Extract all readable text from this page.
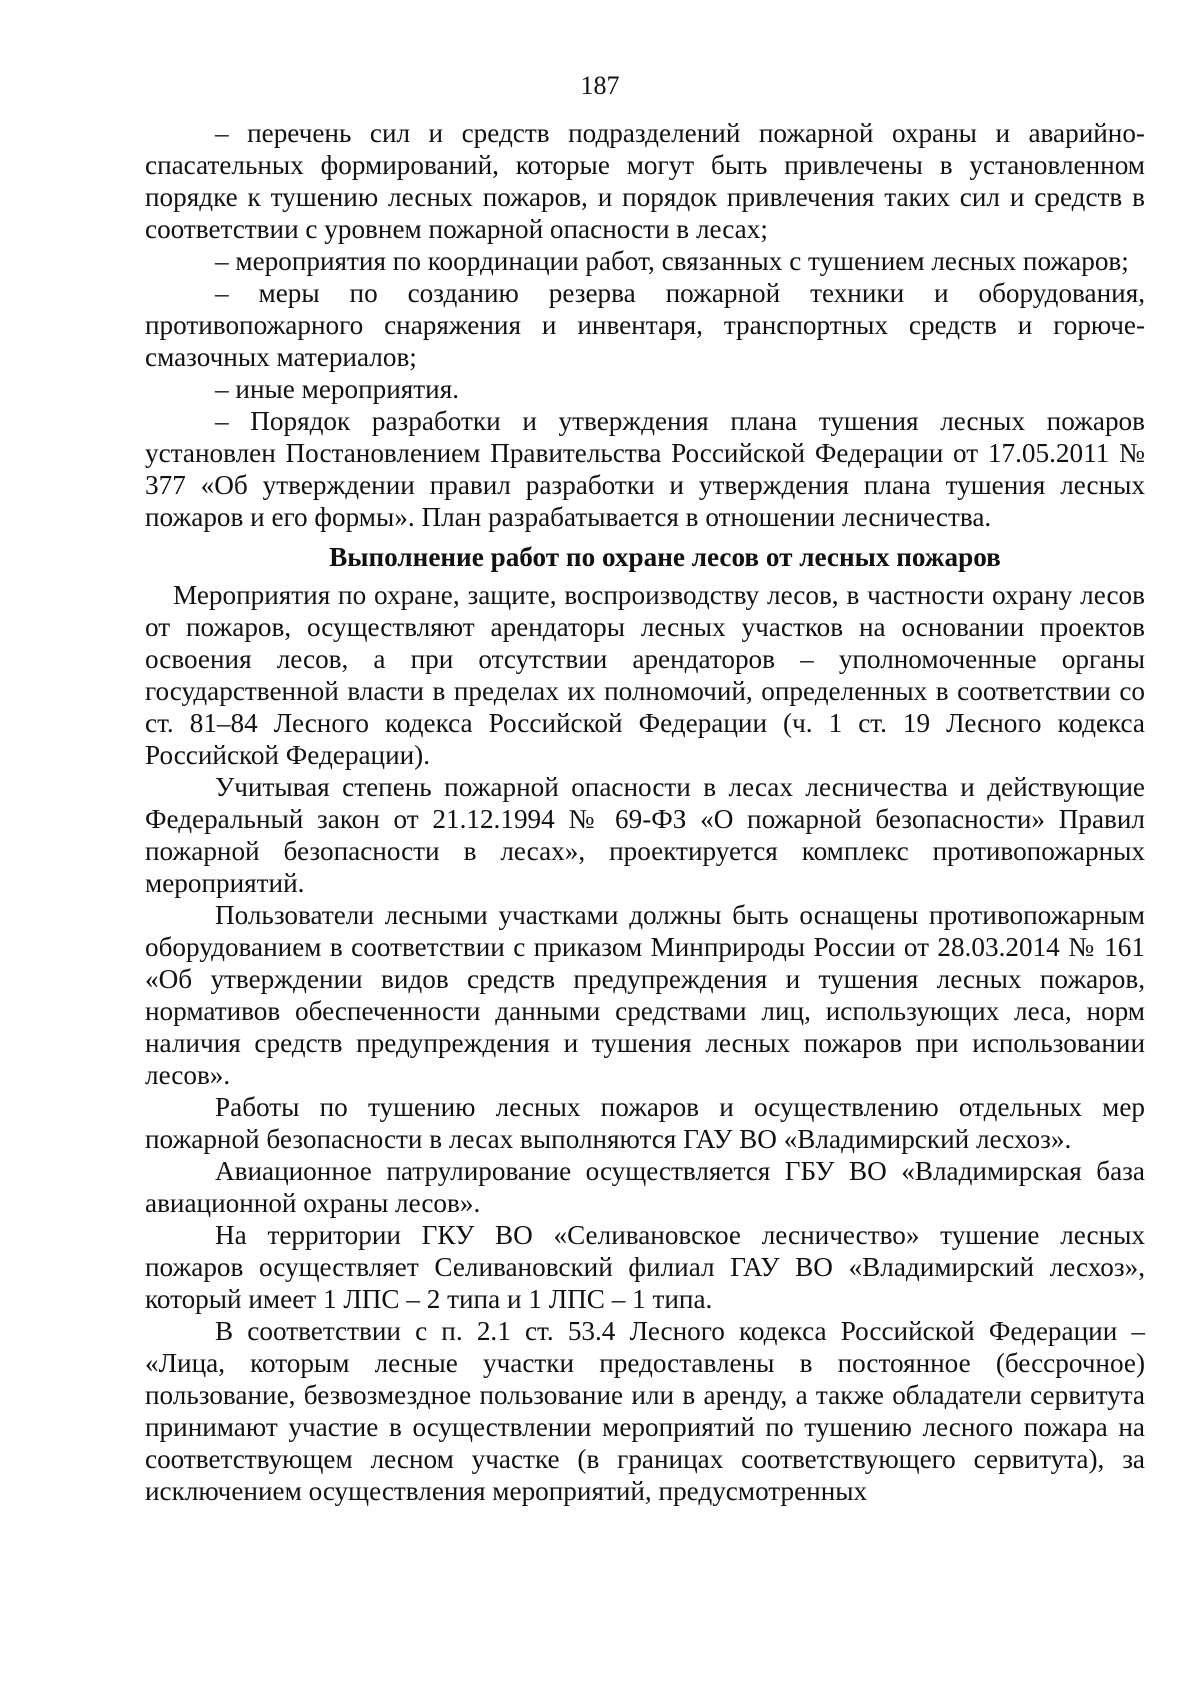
187

– перечень сил и средств подразделений пожарной охраны и аварийно-спасательных формирований, которые могут быть привлечены в установленном порядке к тушению лесных пожаров, и порядок привлечения таких сил и средств в соответствии с уровнем пожарной опасности в лесах;

– мероприятия по координации работ, связанных с тушением лесных пожаров;

– меры по созданию резерва пожарной техники и оборудования, противопожарного снаряжения и инвентаря, транспортных средств и горюче-смазочных материалов;

– иные мероприятия.

– Порядок разработки и утверждения плана тушения лесных пожаров установлен Постановлением Правительства Российской Федерации от 17.05.2011 № 377 «Об утверждении правил разработки и утверждения плана тушения лесных пожаров и его формы». План разрабатывается в отношении лесничества.

Выполнение работ по охране лесов от лесных пожаров

Мероприятия по охране, защите, воспроизводству лесов, в частности охрану лесов от пожаров, осуществляют арендаторы лесных участков на основании проектов освоения лесов, а при отсутствии арендаторов – уполномоченные органы государственной власти в пределах их полномочий, определенных в соответствии со ст. 81–84 Лесного кодекса Российской Федерации (ч. 1 ст. 19 Лесного кодекса Российской Федерации).

Учитывая степень пожарной опасности в лесах лесничества и действующие Федеральный закон от 21.12.1994 № 69-ФЗ «О пожарной безопасности» Правил пожарной безопасности в лесах», проектируется комплекс противопожарных мероприятий.

Пользователи лесными участками должны быть оснащены противопожарным оборудованием в соответствии с приказом Минприроды России от 28.03.2014 № 161 «Об утверждении видов средств предупреждения и тушения лесных пожаров, нормативов обеспеченности данными средствами лиц, использующих леса, норм наличия средств предупреждения и тушения лесных пожаров при использовании лесов».

Работы по тушению лесных пожаров и осуществлению отдельных мер пожарной безопасности в лесах выполняются ГАУ ВО «Владимирский лесхоз».

Авиационное патрулирование осуществляется ГБУ ВО «Владимирская база авиационной охраны лесов».

На территории ГКУ ВО «Селивановское лесничество» тушение лесных пожаров осуществляет Селивановский филиал ГАУ ВО «Владимирский лесхоз», который имеет 1 ЛПС – 2 типа и 1 ЛПС – 1 типа.

В соответствии с п. 2.1 ст. 53.4 Лесного кодекса Российской Федерации – «Лица, которым лесные участки предоставлены в постоянное (бессрочное) пользование, безвозмездное пользование или в аренду, а также обладатели сервитута принимают участие в осуществлении мероприятий по тушению лесного пожара на соответствующем лесном участке (в границах соответствующего сервитута), за исключением осуществления мероприятий, предусмотренных
